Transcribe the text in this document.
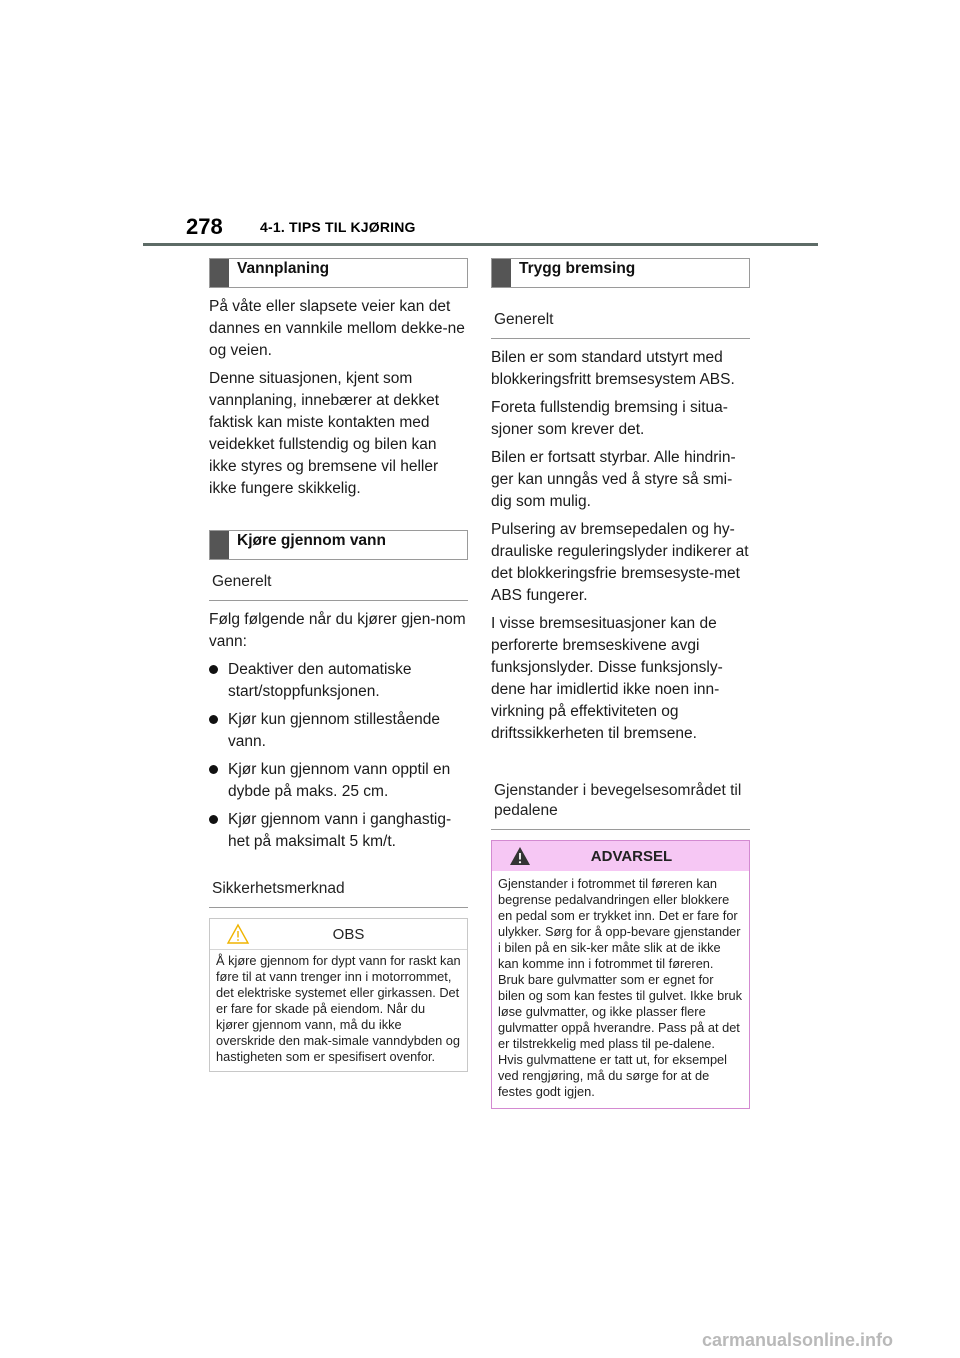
278	4-1. TIPS TIL KJØRING
Vannplaning

På våte eller slapsete veier kan det dannes en vannkile mellom dekke-ne og veien.

Denne situasjonen, kjent som vannplaning, innebærer at dekket faktisk kan miste kontakten med veidekket fullstendig og bilen kan ikke styres og bremsene vil heller ikke fungere skikkelig.

Kjøre gjennom vann
Generelt

Følg følgende når du kjører gjen-nom vann:

Deaktiver den automatiske start/stoppfunksjonen.
Kjør kun gjennom stillestående vann.
Kjør kun gjennom vann opptil en dybde på maks. 25 cm.
Kjør gjennom vann i ganghastig-het på maksimalt 5 km/t.
Sikkerhetsmerknad
OBS
Å kjøre gjennom for dypt vann for raskt kan føre til at vann trenger inn i motorrommet, det elektriske systemet eller girkassen. Det er fare for skade på eiendom. Når du kjører gjennom vann, må du ikke overskride den mak-simale vanndybden og hastigheten som er spesifisert ovenfor.
Trygg bremsing
Generelt

Bilen er som standard utstyrt med blokkeringsfritt bremsesystem ABS.

Foreta fullstendig bremsing i situa-sjoner som krever det.

Bilen er fortsatt styrbar. Alle hindrin-ger kan unngås ved å styre så smi-dig som mulig.

Pulsering av bremsepedalen og hy-drauliske reguleringslyder indikerer at det blokkeringsfrie bremsesyste-met ABS fungerer.

I visse bremsesituasjoner kan de perforerte bremseskivene avgi funksjonslyder. Disse funksjonsly-dene har imidlertid ikke noen inn-virkning på effektiviteten og driftssikkerheten til bremsene.

Gjenstander i bevegelsesområdet til pedalene
ADVARSEL
Gjenstander i fotrommet til føreren kan begrense pedalvandringen eller blokkere en pedal som er trykket inn. Det er fare for ulykker. Sørg for å opp-bevare gjenstander i bilen på en sik-ker måte slik at de ikke kan komme inn i fotrommet til føreren. Bruk bare gulvmatter som er egnet for bilen og som kan festes til gulvet. Ikke bruk løse gulvmatter, og ikke plasser flere gulvmatter oppå hverandre. Pass på at det er tilstrekkelig med plass til pe-dalene. Hvis gulvmattene er tatt ut, for eksempel ved rengjøring, må du sørge for at de festes godt igjen.
carmanualsonline.info
